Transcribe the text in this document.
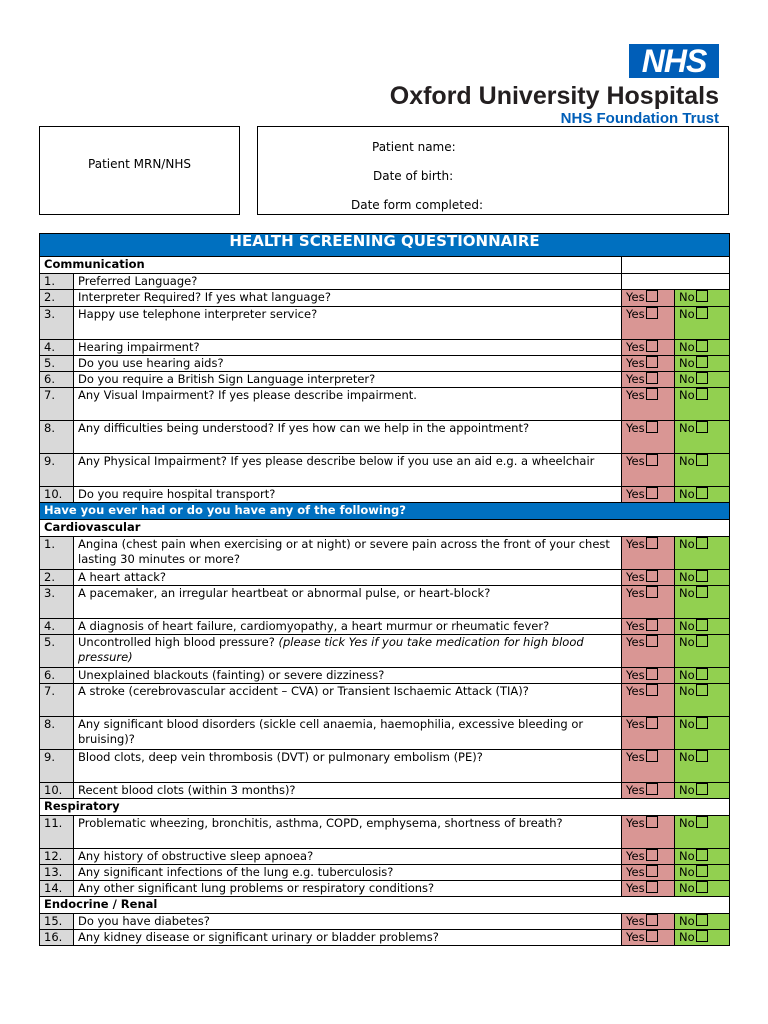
NHS
Oxford University Hospitals
NHS Foundation Trust
Patient MRN/NHS
Patient name:
Date of birth:
Date form completed:
HEALTH SCREENING QUESTIONNAIRE			
Communication			
1.	Preferred Language?		
2.	Interpreter Required? If yes what language?	Yes	No
3.	Happy use telephone interpreter service?	Yes	No
4.	Hearing impairment?	Yes	No
5.	Do you use hearing aids?	Yes	No
6.	Do you require a British Sign Language interpreter?	Yes	No
7.	Any Visual Impairment? If yes please describe impairment.	Yes	No
8.	Any difficulties being understood? If yes how can we help in the appointment?	Yes	No
9.	Any Physical Impairment? If yes please describe below if you use an aid e.g. a wheelchair	Yes	No
10.	Do you require hospital transport?	Yes	No
Have you ever had or do you have any of the following?			
Cardiovascular			
1.	Angina (chest pain when exercising or at night) or severe pain across the front of your chest lasting 30 minutes or more?	Yes	No
2.	A heart attack?	Yes	No
3.	A pacemaker, an irregular heartbeat or abnormal pulse, or heart-block?	Yes	No
4.	A diagnosis of heart failure, cardiomyopathy, a heart murmur or rheumatic fever?	Yes	No
5.	Uncontrolled high blood pressure? (please tick Yes if you take medication for high blood pressure)	Yes	No
6.	Unexplained blackouts (fainting) or severe dizziness?	Yes	No
7.	A stroke (cerebrovascular accident – CVA) or Transient Ischaemic Attack (TIA)?	Yes	No
8.	Any significant blood disorders (sickle cell anaemia, haemophilia, excessive bleeding or bruising)?	Yes	No
9.	Blood clots, deep vein thrombosis (DVT) or pulmonary embolism (PE)?	Yes	No
10.	Recent blood clots (within 3 months)?	Yes	No
Respiratory			
11.	Problematic wheezing, bronchitis, asthma, COPD, emphysema, shortness of breath?	Yes	No
12.	Any history of obstructive sleep apnoea?	Yes	No
13.	Any significant infections of the lung e.g. tuberculosis?	Yes	No
14.	Any other significant lung problems or respiratory conditions?	Yes	No
Endocrine / Renal			
15.	Do you have diabetes?	Yes	No
16.	Any kidney disease or significant urinary or bladder problems?	Yes	No
